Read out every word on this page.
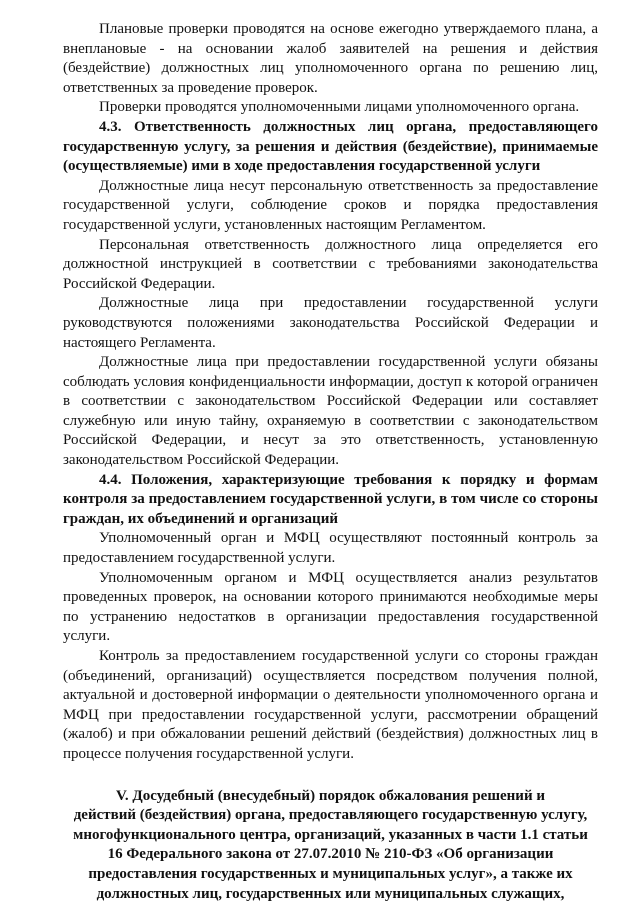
Плановые проверки проводятся на основе ежегодно утверждаемого плана, а внеплановые - на основании жалоб заявителей на решения и действия (бездействие) должностных лиц уполномоченного органа по решению лиц, ответственных за проведение проверок.

Проверки проводятся уполномоченными лицами уполномоченного органа.

4.3. Ответственность должностных лиц органа, предоставляющего государственную услугу, за решения и действия (бездействие), принимаемые (осуществляемые) ими в ходе предоставления государственной услуги

Должностные лица несут персональную ответственность за предоставление государственной услуги, соблюдение сроков и порядка предоставления государственной услуги, установленных настоящим Регламентом.

Персональная ответственность должностного лица определяется его должностной инструкцией в соответствии с требованиями законодательства Российской Федерации.

Должностные лица при предоставлении государственной услуги руководствуются положениями законодательства Российской Федерации и настоящего Регламента.

Должностные лица при предоставлении государственной услуги обязаны соблюдать условия конфиденциальности информации, доступ к которой ограничен в соответствии с законодательством Российской Федерации или составляет служебную или иную тайну, охраняемую в соответствии с законодательством Российской Федерации, и несут за это ответственность, установленную законодательством Российской Федерации.

4.4. Положения, характеризующие требования к порядку и формам контроля за предоставлением государственной услуги, в том числе со стороны граждан, их объединений и организаций

Уполномоченный орган и МФЦ осуществляют постоянный контроль за предоставлением государственной услуги.

Уполномоченным органом и МФЦ осуществляется анализ результатов проведенных проверок, на основании которого принимаются необходимые меры по устранению недостатков в организации предоставления государственной услуги.

Контроль за предоставлением государственной услуги со стороны граждан (объединений, организаций) осуществляется посредством получения полной, актуальной и достоверной информации о деятельности уполномоченного органа и МФЦ при предоставлении государственной услуги, рассмотрении обращений (жалоб) и при обжаловании решений действий (бездействия) должностных лиц в процессе получения государственной услуги.

V. Досудебный (внесудебный) порядок обжалования решений и
действий (бездействия) органа, предоставляющего государственную услугу,
многофункционального центра, организаций, указанных в части 1.1 статьи
16 Федерального закона от 27.07.2010 № 210-ФЗ «Об организации
предоставления государственных и муниципальных услуг», а также их
должностных лиц, государственных или муниципальных служащих,
